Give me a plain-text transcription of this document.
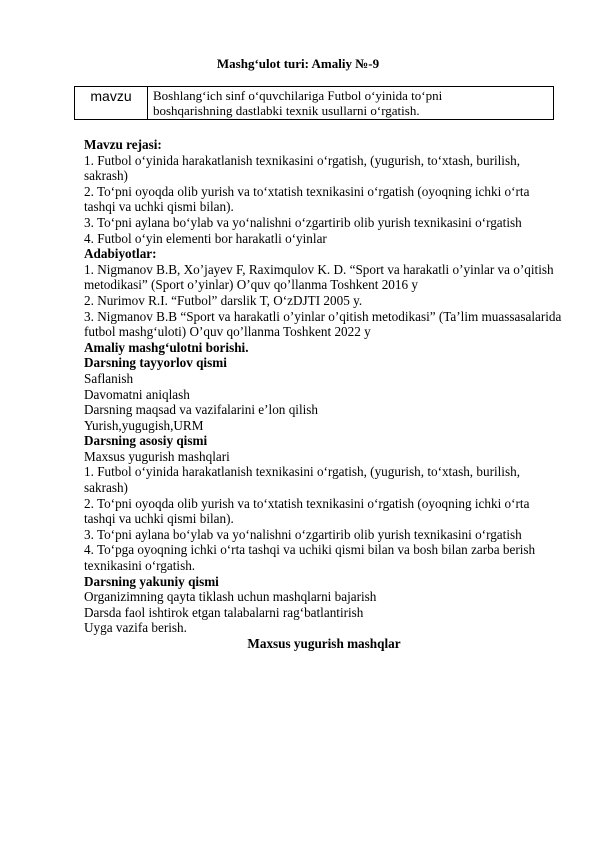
Mashg‘ulot turi: Amaliy №-9
mavzu	Boshlang‘ich sinf o‘quvchilariga Futbol o‘yinida to‘pni
boshqarishning dastlabki texnik usullarni o‘rgatish.

Mavzu rejasi:

1. Futbol o‘yinida harakatlanish texnikasini o‘rgatish, (yugurish, to‘xtash, burilish, sakrash)

2. To‘pni oyoqda olib yurish va to‘xtatish texnikasini o‘rgatish (oyoqning ichki o‘rta tashqi va uchki qismi bilan).

3. To‘pni aylana bo‘ylab va yo‘nalishni o‘zgartirib olib yurish texnikasini o‘rgatish

4. Futbol o‘yin elementi bor harakatli o‘yinlar

Adabiyotlar:

1. Nigmanov B.B, Xo’jayev F, Raximqulov K. D. “Sport va harakatli o’yinlar va o’qitish metodikasi” (Sport o’yinlar) O’quv qo’llanma Toshkent 2016 y

2. Nurimov R.I. “Futbol” darslik T, O‘zDJTI 2005 y.

3. Nigmanov B.B “Sport va harakatli o’yinlar o’qitish metodikasi” (Ta’lim muassasalarida futbol mashg‘uloti) O’quv qo’llanma Toshkent 2022 y

Amaliy mashg‘ulotni borishi.

Darsning tayyorlov qismi

Saflanish

Davomatni aniqlash

Darsning maqsad va vazifalarini e’lon qilish

Yurish,yugugish,URM

Darsning asosiy qismi

Maxsus yugurish mashqlari

1. Futbol o‘yinida harakatlanish texnikasini o‘rgatish, (yugurish, to‘xtash, burilish, sakrash)

2. To‘pni oyoqda olib yurish va to‘xtatish texnikasini o‘rgatish (oyoqning ichki o‘rta tashqi va uchki qismi bilan).

3. To‘pni aylana bo‘ylab va yo‘nalishni o‘zgartirib olib yurish texnikasini o‘rgatish

4. To‘pga oyoqning ichki o‘rta tashqi va uchiki qismi bilan va bosh bilan zarba berish texnikasini o‘rgatish.

Darsning yakuniy qismi

Organizimning qayta tiklash uchun mashqlarni bajarish

Darsda faol ishtirok etgan talabalarni rag‘batlantirish

Uyga vazifa berish.

Maxsus yugurish mashqlar
